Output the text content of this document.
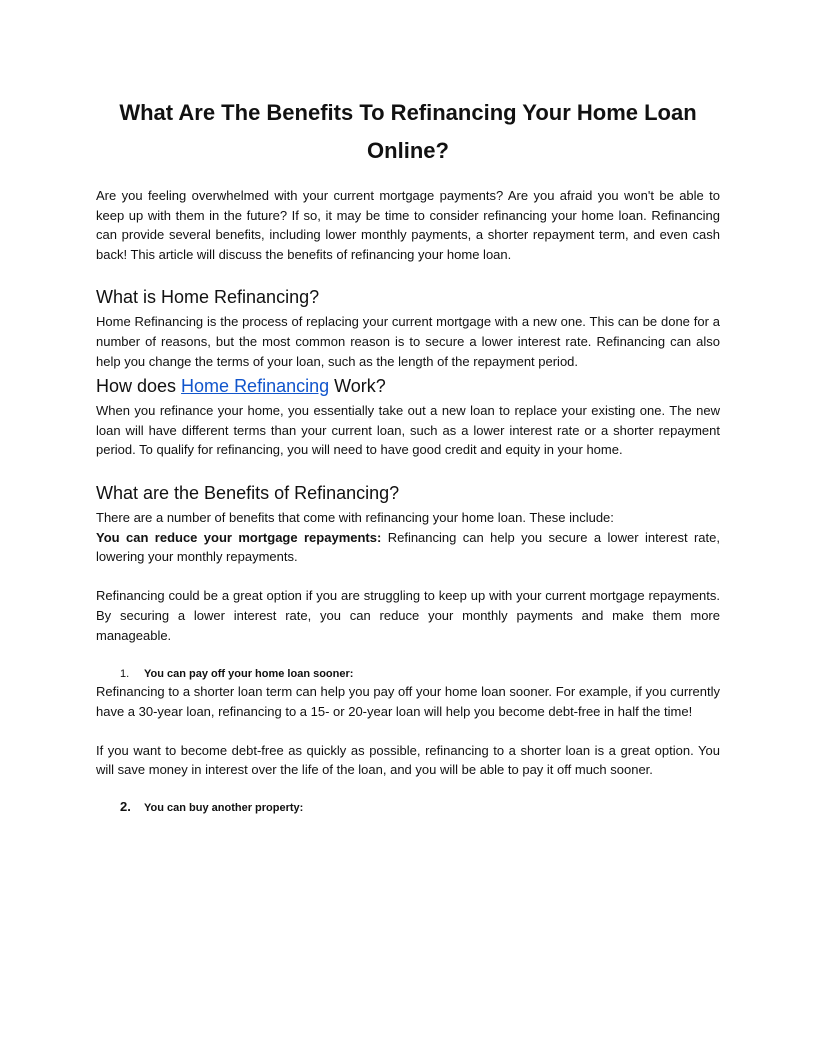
What Are The Benefits To Refinancing Your Home Loan Online?

Are you feeling overwhelmed with your current mortgage payments? Are you afraid you won't be able to keep up with them in the future? If so, it may be time to consider refinancing your home loan. Refinancing can provide several benefits, including lower monthly payments, a shorter repayment term, and even cash back! This article will discuss the benefits of refinancing your home loan.

What is Home Refinancing?

Home Refinancing is the process of replacing your current mortgage with a new one. This can be done for a number of reasons, but the most common reason is to secure a lower interest rate. Refinancing can also help you change the terms of your loan, such as the length of the repayment period.

How does Home Refinancing Work?

When you refinance your home, you essentially take out a new loan to replace your existing one. The new loan will have different terms than your current loan, such as a lower interest rate or a shorter repayment period. To qualify for refinancing, you will need to have good credit and equity in your home.

What are the Benefits of Refinancing?

There are a number of benefits that come with refinancing your home loan. These include:

You can reduce your mortgage repayments: Refinancing can help you secure a lower interest rate, lowering your monthly repayments.

Refinancing could be a great option if you are struggling to keep up with your current mortgage repayments. By securing a lower interest rate, you can reduce your monthly payments and make them more manageable.

1. You can pay off your home loan sooner:

Refinancing to a shorter loan term can help you pay off your home loan sooner. For example, if you currently have a 30-year loan, refinancing to a 15- or 20-year loan will help you become debt-free in half the time!

If you want to become debt-free as quickly as possible, refinancing to a shorter loan is a great option. You will save money in interest over the life of the loan, and you will be able to pay it off much sooner.

2. You can buy another property:
